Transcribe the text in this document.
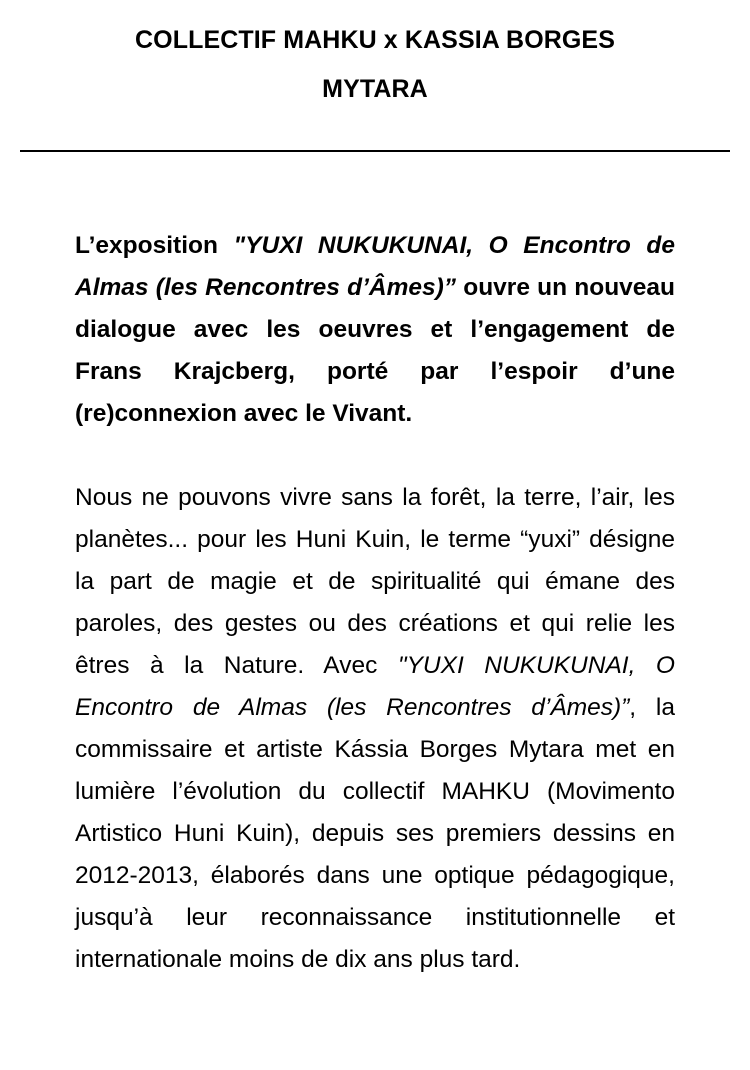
COLLECTIF MAHKU x KASSIA BORGES
MYTARA

L’exposition "YUXI NUKUKUNAI, O Encontro de Almas (les Rencontres d’Âmes)” ouvre un nouveau dialogue avec les oeuvres et l’engagement de Frans Krajcberg, porté par l’espoir d’une (re)connexion avec le Vivant.

Nous ne pouvons vivre sans la forêt, la terre, l’air, les planètes... pour les Huni Kuin, le terme “yuxi” désigne la part de magie et de spiritualité qui émane des paroles, des gestes ou des créations et qui relie les êtres à la Nature. Avec "YUXI NUKUKUNAI, O Encontro de Almas (les Rencontres d’Âmes)”, la commissaire et artiste Kássia Borges Mytara met en lumière l’évolution du collectif MAHKU (Movimento Artistico Huni Kuin), depuis ses premiers dessins en 2012-2013, élaborés dans une optique pédagogique, jusqu’à leur reconnaissance institutionnelle et internationale moins de dix ans plus tard.
